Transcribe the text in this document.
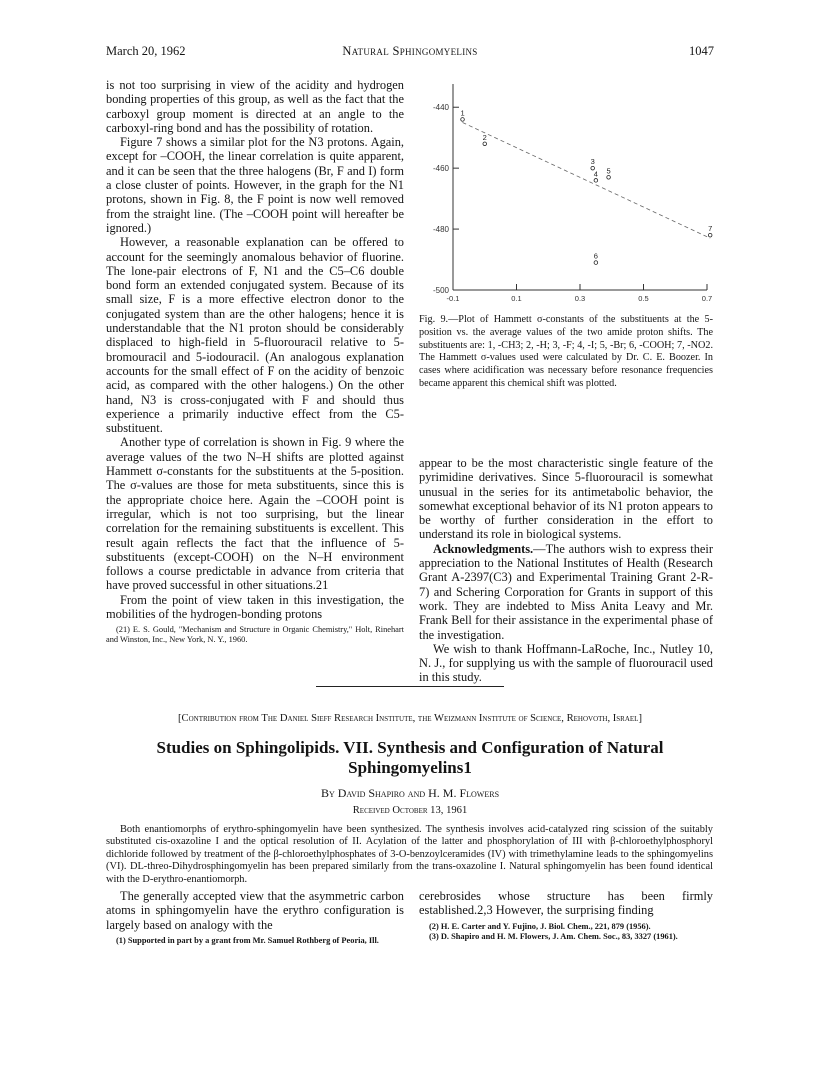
March 20, 1962	Natural Sphingomyelins	1047

is not too surprising in view of the acidity and hydrogen bonding properties of this group, as well as the fact that the carboxyl group moment is directed at an angle to the carboxyl-ring bond and has the possibility of rotation.

Figure 7 shows a similar plot for the N3 protons. Again, except for –COOH, the linear correlation is quite apparent, and it can be seen that the three halogens (Br, F and I) form a close cluster of points. However, in the graph for the N1 protons, shown in Fig. 8, the F point is now well removed from the straight line. (The –COOH point will hereafter be ignored.)

However, a reasonable explanation can be offered to account for the seemingly anomalous behavior of fluorine. The lone-pair electrons of F, N1 and the C5–C6 double bond form an extended conjugated system. Because of its small size, F is a more effective electron donor to the conjugated system than are the other halogens; hence it is understandable that the N1 proton should be considerably displaced to high-field in 5-fluorouracil relative to 5-bromouracil and 5-iodouracil. (An analogous explanation accounts for the small effect of F on the acidity of benzoic acid, as compared with the other halogens.) On the other hand, N3 is cross-conjugated with F and should thus experience a primarily inductive effect from the C5-substituent.

Another type of correlation is shown in Fig. 9 where the average values of the two N–H shifts are plotted against Hammett σ-constants for the substituents at the 5-position. The σ-values are those for meta substituents, since this is the appropriate choice here. Again the –COOH point is irregular, which is not too surprising, but the linear correlation for the remaining substituents is excellent. This result again reflects the fact that the influence of 5-substituents (except-COOH) on the N–H environment follows a course predictable in advance from criteria that have proved successful in other situations.21

From the point of view taken in this investigation, the mobilities of the hydrogen-bonding protons

(21) E. S. Gould, "Mechanism and Structure in Organic Chemistry," Holt, Rinehart and Winston, Inc., New York, N. Y., 1960.

-440
-460
-480
-500
-0.1	0.1	0.3	0.5	0.7
1
2
3
4 5
6
7
Fig. 9.—Plot of Hammett σ-constants of the substituents at the 5-position vs. the average values of the two amide proton shifts. The substituents are: 1, -CH3; 2, -H; 3, -F; 4, -I; 5, -Br; 6, -COOH; 7, -NO2. The Hammett σ-values used were calculated by Dr. C. E. Boozer. In cases where acidification was necessary before resonance frequencies became apparent this chemical shift was plotted.

appear to be the most characteristic single feature of the pyrimidine derivatives. Since 5-fluorouracil is somewhat unusual in the series for its antimetabolic behavior, the somewhat exceptional behavior of its N1 proton appears to be worthy of further consideration in the effort to understand its role in biological systems.

Acknowledgments.—The authors wish to express their appreciation to the National Institutes of Health (Research Grant A-2397(C3) and Experimental Training Grant 2-R-7) and Schering Corporation for Grants in support of this work. They are indebted to Miss Anita Leavy and Mr. Frank Bell for their assistance in the experimental phase of the investigation.

We wish to thank Hoffmann-LaRoche, Inc., Nutley 10, N. J., for supplying us with the sample of fluorouracil used in this study.

[Contribution from The Daniel Sieff Research Institute, the Weizmann Institute of Science, Rehovoth, Israel]
Studies on Sphingolipids. VII. Synthesis and Configuration of Natural
Sphingomyelins1
By David Shapiro and H. M. Flowers
Received October 13, 1961
Both enantiomorphs of erythro-sphingomyelin have been synthesized. The synthesis involves acid-catalyzed ring scission of the suitably substituted cis-oxazoline I and the optical resolution of II. Acylation of the latter and phosphorylation of III with β-chloroethylphosphoryl dichloride followed by treatment of the β-chloroethylphosphates of 3-O-benzoylceramides (IV) with trimethylamine leads to the sphingomyelins (VI). DL-threo-Dihydrosphingomyelin has been prepared similarly from the trans-oxazoline I. Natural sphingomyelin has been found identical with the D-erythro-enantiomorph.

The generally accepted view that the asymmetric carbon atoms in sphingomyelin have the erythro configuration is largely based on analogy with the

(1) Supported in part by a grant from Mr. Samuel Rothberg of Peoria, Ill.

cerebrosides whose structure has been firmly established.2,3 However, the surprising finding

(2) H. E. Carter and Y. Fujino, J. Biol. Chem., 221, 879 (1956).

(3) D. Shapiro and H. M. Flowers, J. Am. Chem. Soc., 83, 3327 (1961).
